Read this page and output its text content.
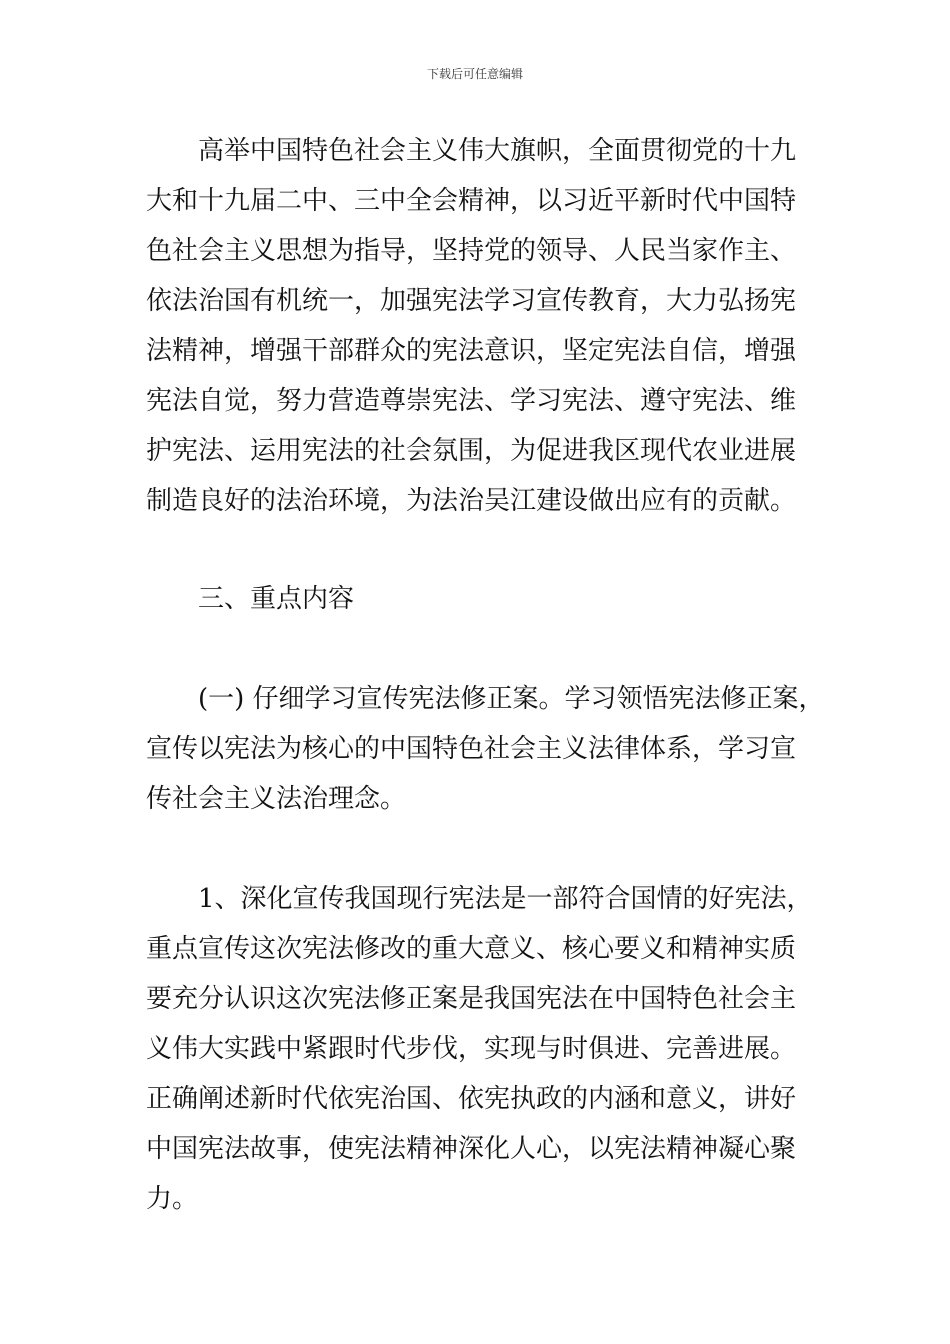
下载后可任意编辑
高举中国特色社会主义伟大旗帜，全面贯彻党的十九
大和十九届二中、三中全会精神，以习近平新时代中国特
色社会主义思想为指导，坚持党的领导、人民当家作主、
依法治国有机统一，加强宪法学习宣传教育，大力弘扬宪
法精神，增强干部群众的宪法意识，坚定宪法自信，增强
宪法自觉，努力营造尊崇宪法、学习宪法、遵守宪法、维
护宪法、运用宪法的社会氛围，为促进我区现代农业进展
制造良好的法治环境，为法治吴江建设做出应有的贡献。
三、重点内容
(一) 仔细学习宣传宪法修正案。学习领悟宪法修正案，
宣传以宪法为核心的中国特色社会主义法律体系，学习宣
传社会主义法治理念。
1、深化宣传我国现行宪法是一部符合国情的好宪法，
重点宣传这次宪法修改的重大意义、核心要义和精神实质
要充分认识这次宪法修正案是我国宪法在中国特色社会主
义伟大实践中紧跟时代步伐，实现与时俱进、完善进展。
正确阐述新时代依宪治国、依宪执政的内涵和意义，讲好
中国宪法故事，使宪法精神深化人心，以宪法精神凝心聚
力。
